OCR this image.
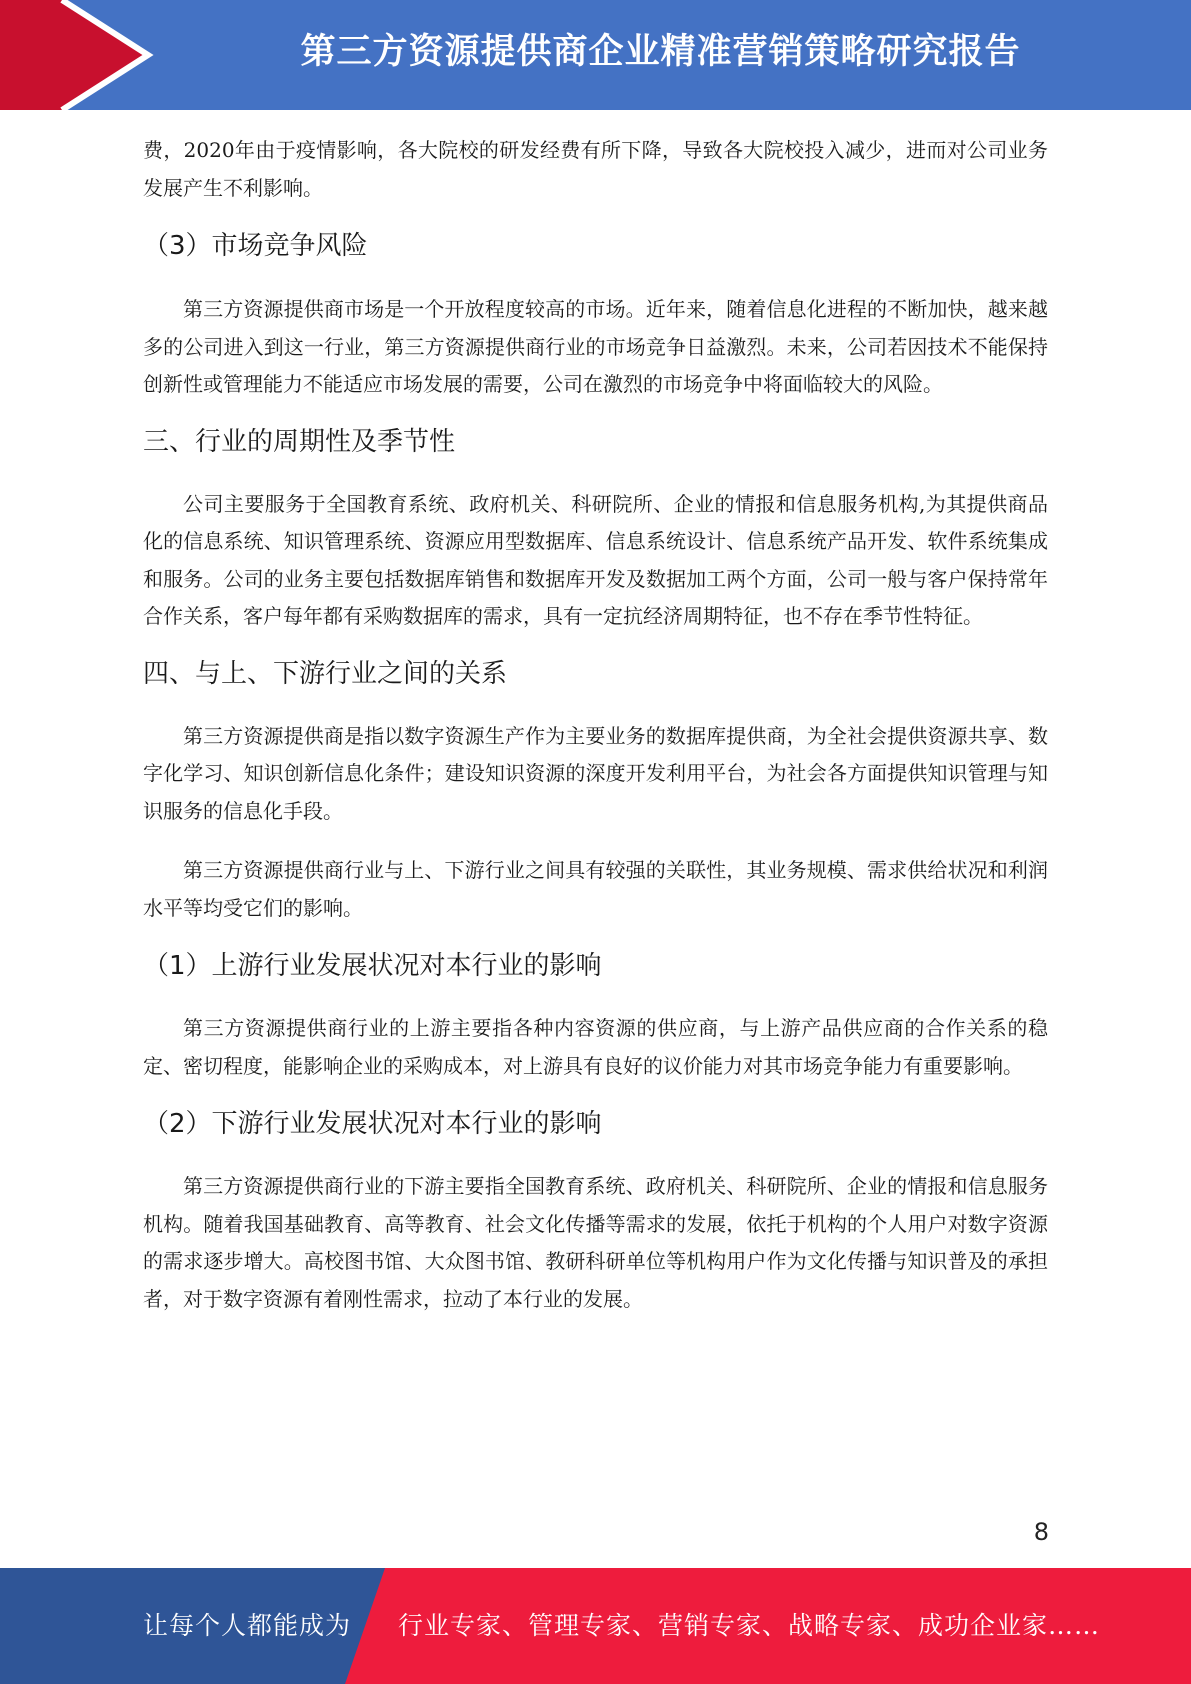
第三方资源提供商企业精准营销策略研究报告

费，2020年由于疫情影响，各大院校的研发经费有所下降，导致各大院校投入减少，进而对公司业务发展产生不利影响。

（3）市场竞争风险

第三方资源提供商市场是一个开放程度较高的市场。近年来，随着信息化进程的不断加快，越来越多的公司进入到这一行业，第三方资源提供商行业的市场竞争日益激烈。未来，公司若因技术不能保持创新性或管理能力不能适应市场发展的需要，公司在激烈的市场竞争中将面临较大的风险。

三、行业的周期性及季节性

公司主要服务于全国教育系统、政府机关、科研院所、企业的情报和信息服务机构,为其提供商品化的信息系统、知识管理系统、资源应用型数据库、信息系统设计、信息系统产品开发、软件系统集成和服务。公司的业务主要包括数据库销售和数据库开发及数据加工两个方面，公司一般与客户保持常年合作关系，客户每年都有采购数据库的需求，具有一定抗经济周期特征，也不存在季节性特征。

四、与上、下游行业之间的关系

第三方资源提供商是指以数字资源生产作为主要业务的数据库提供商，为全社会提供资源共享、数字化学习、知识创新信息化条件；建设知识资源的深度开发利用平台，为社会各方面提供知识管理与知识服务的信息化手段。

第三方资源提供商行业与上、下游行业之间具有较强的关联性，其业务规模、需求供给状况和利润水平等均受它们的影响。

（1）上游行业发展状况对本行业的影响

第三方资源提供商行业的上游主要指各种内容资源的供应商，与上游产品供应商的合作关系的稳定、密切程度，能影响企业的采购成本，对上游具有良好的议价能力对其市场竞争能力有重要影响。

（2）下游行业发展状况对本行业的影响

第三方资源提供商行业的下游主要指全国教育系统、政府机关、科研院所、企业的情报和信息服务机构。随着我国基础教育、高等教育、社会文化传播等需求的发展，依托于机构的个人用户对数字资源的需求逐步增大。高校图书馆、大众图书馆、教研科研单位等机构用户作为文化传播与知识普及的承担者，对于数字资源有着刚性需求，拉动了本行业的发展。

8
让每个人都能成为 行业专家、管理专家、营销专家、战略专家、成功企业家……
